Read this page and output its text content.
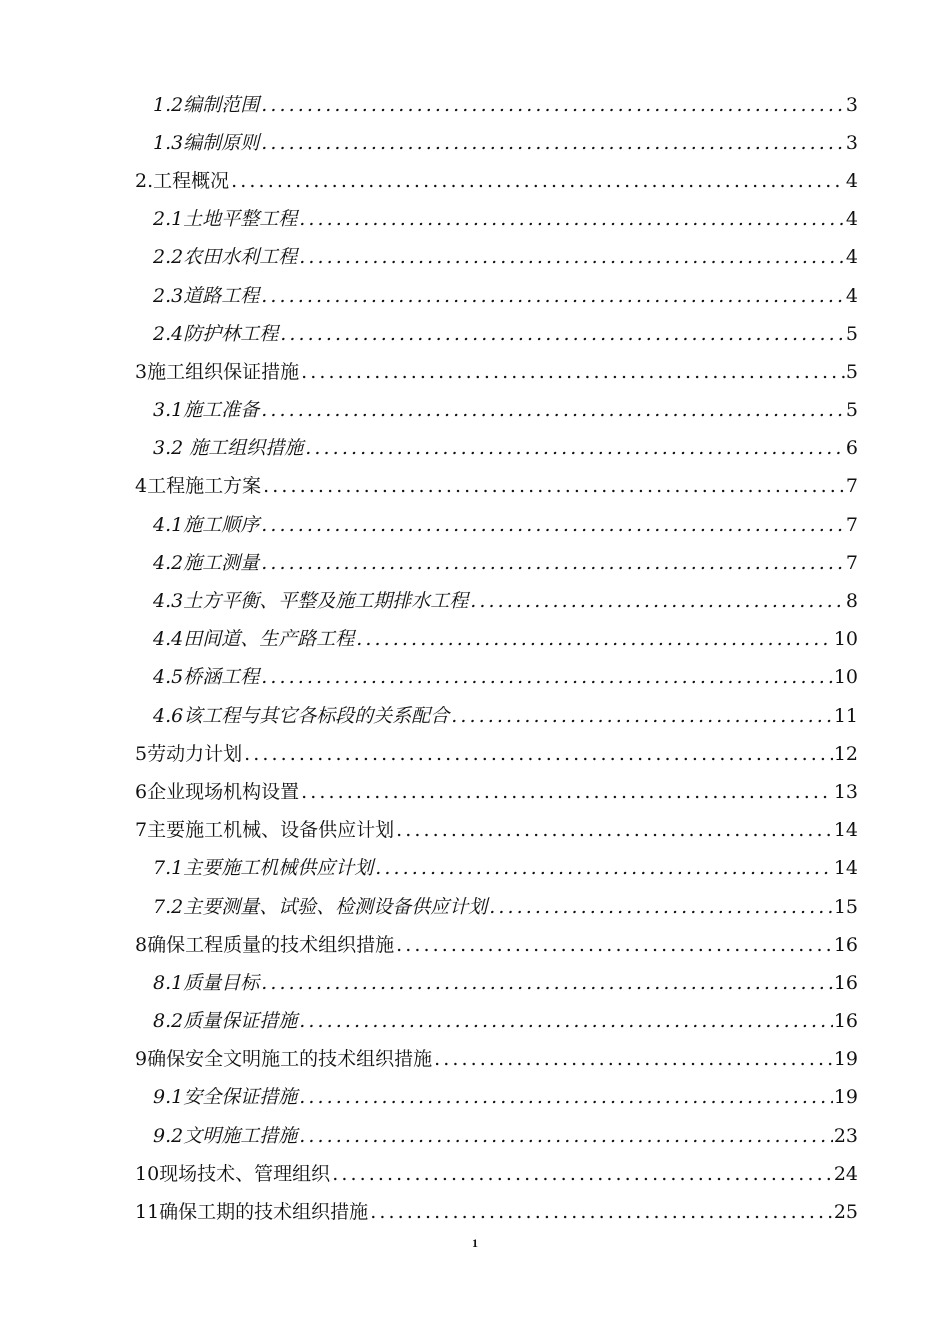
1.2编制范围 .....	3
1.3编制原则 .....	3
2.工程概况 .....	4
2.1土地平整工程 .....	4
2.2农田水利工程 .....	4
2.3道路工程 .....	4
2.4防护林工程 .....	5
3施工组织保证措施 .....	5
3.1施工准备 .....	5
3.2 施工组织措施 .....	6
4工程施工方案 .....	7
4.1施工顺序 .....	7
4.2施工测量 .....	7
4.3土方平衡、平整及施工期排水工程 .....	8
4.4田间道、生产路工程 .....	10
4.5桥涵工程 .....	10
4.6该工程与其它各标段的关系配合 .....	11
5劳动力计划 .....	12
6企业现场机构设置 .....	13
7主要施工机械、设备供应计划 .....	14
7.1主要施工机械供应计划 .....	14
7.2主要测量、试验、检测设备供应计划 .....	15
8确保工程质量的技术组织措施 .....	16
8.1质量目标 .....	16
8.2质量保证措施 .....	16
9确保安全文明施工的技术组织措施 .....	19
9.1安全保证措施 .....	19
9.2文明施工措施 .....	23
10现场技术、管理组织 .....	24
11确保工期的技术组织措施 .....	25
1
